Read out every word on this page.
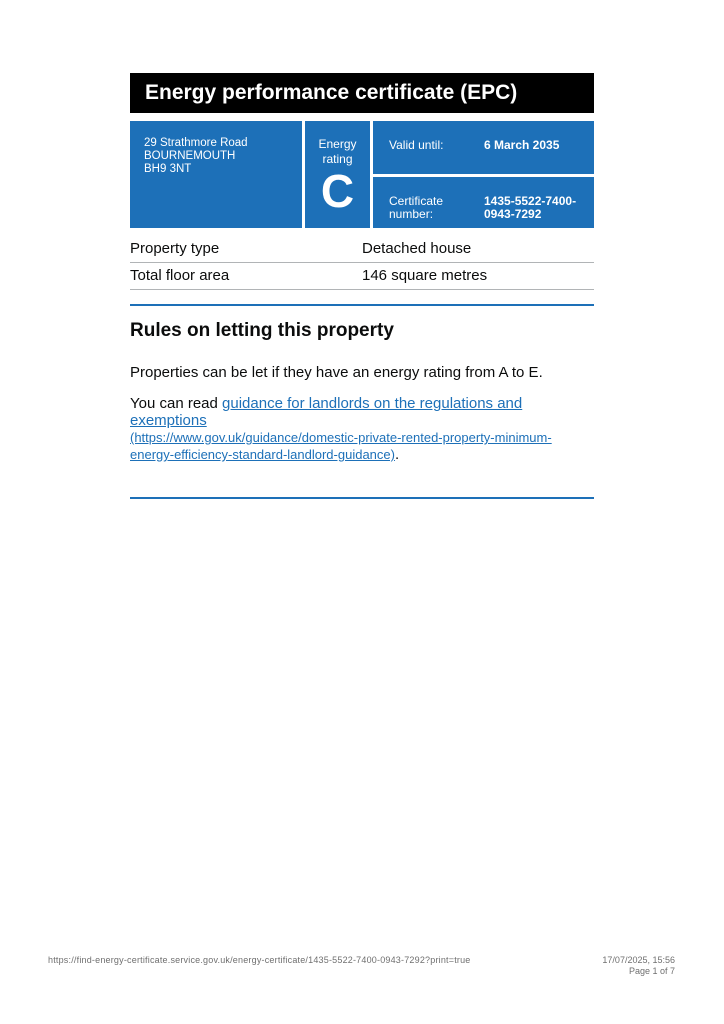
Energy performance certificate (EPC)
29 Strathmore Road
BOURNEMOUTH
BH9 3NT
Energy
rating
C
Valid until:	6 March 2035
Certificate
number:
1435-5522-7400-
0943-7292
Property type	Detached house
Total floor area	146 square metres
Rules on letting this property

Properties can be let if they have an energy rating from A to E.

You can read guidance for landlords on the regulations and exemptions
(https://www.gov.uk/guidance/domestic-private-rented-property-minimum-
energy-efficiency-standard-landlord-guidance).

https://find-energy-certificate.service.gov.uk/energy-certificate/1435-5522-7400-0943-7292?print=true	17/07/2025, 15:56
Page 1 of 7
